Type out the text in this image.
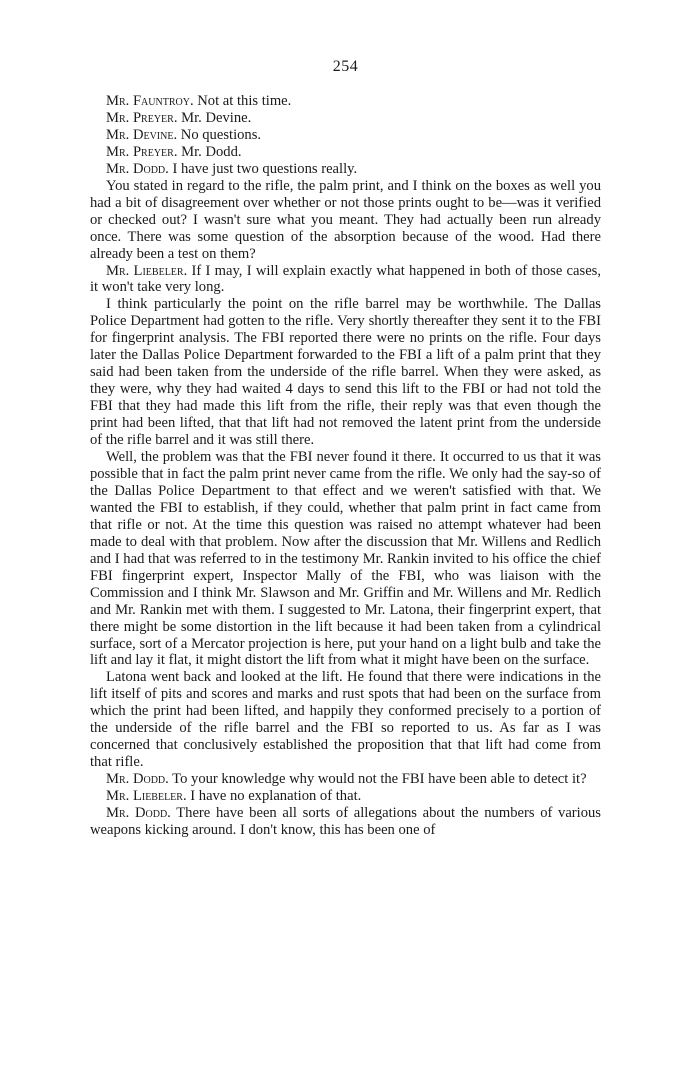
254

Mr. Fauntroy. Not at this time.

Mr. Preyer. Mr. Devine.

Mr. Devine. No questions.

Mr. Preyer. Mr. Dodd.

Mr. Dodd. I have just two questions really.

You stated in regard to the rifle, the palm print, and I think on the boxes as well you had a bit of disagreement over whether or not those prints ought to be—was it verified or checked out? I wasn't sure what you meant. They had actually been run already once. There was some question of the absorption because of the wood. Had there already been a test on them?

Mr. Liebeler. If I may, I will explain exactly what happened in both of those cases, it won't take very long.

I think particularly the point on the rifle barrel may be worthwhile. The Dallas Police Department had gotten to the rifle. Very shortly thereafter they sent it to the FBI for fingerprint analysis. The FBI reported there were no prints on the rifle. Four days later the Dallas Police Department forwarded to the FBI a lift of a palm print that they said had been taken from the underside of the rifle barrel. When they were asked, as they were, why they had waited 4 days to send this lift to the FBI or had not told the FBI that they had made this lift from the rifle, their reply was that even though the print had been lifted, that that lift had not removed the latent print from the underside of the rifle barrel and it was still there.

Well, the problem was that the FBI never found it there. It occurred to us that it was possible that in fact the palm print never came from the rifle. We only had the say-so of the Dallas Police Department to that effect and we weren't satisfied with that. We wanted the FBI to establish, if they could, whether that palm print in fact came from that rifle or not. At the time this question was raised no attempt whatever had been made to deal with that problem. Now after the discussion that Mr. Willens and Redlich and I had that was referred to in the testimony Mr. Rankin invited to his office the chief FBI fingerprint expert, Inspector Mally of the FBI, who was liaison with the Commission and I think Mr. Slawson and Mr. Griffin and Mr. Willens and Mr. Redlich and Mr. Rankin met with them. I suggested to Mr. Latona, their fingerprint expert, that there might be some distortion in the lift because it had been taken from a cylindrical surface, sort of a Mercator projection is here, put your hand on a light bulb and take the lift and lay it flat, it might distort the lift from what it might have been on the surface.

Latona went back and looked at the lift. He found that there were indications in the lift itself of pits and scores and marks and rust spots that had been on the surface from which the print had been lifted, and happily they conformed precisely to a portion of the underside of the rifle barrel and the FBI so reported to us. As far as I was concerned that conclusively established the proposition that that lift had come from that rifle.

Mr. Dodd. To your knowledge why would not the FBI have been able to detect it?

Mr. Liebeler. I have no explanation of that.

Mr. Dodd. There have been all sorts of allegations about the numbers of various weapons kicking around. I don't know, this has been one of
